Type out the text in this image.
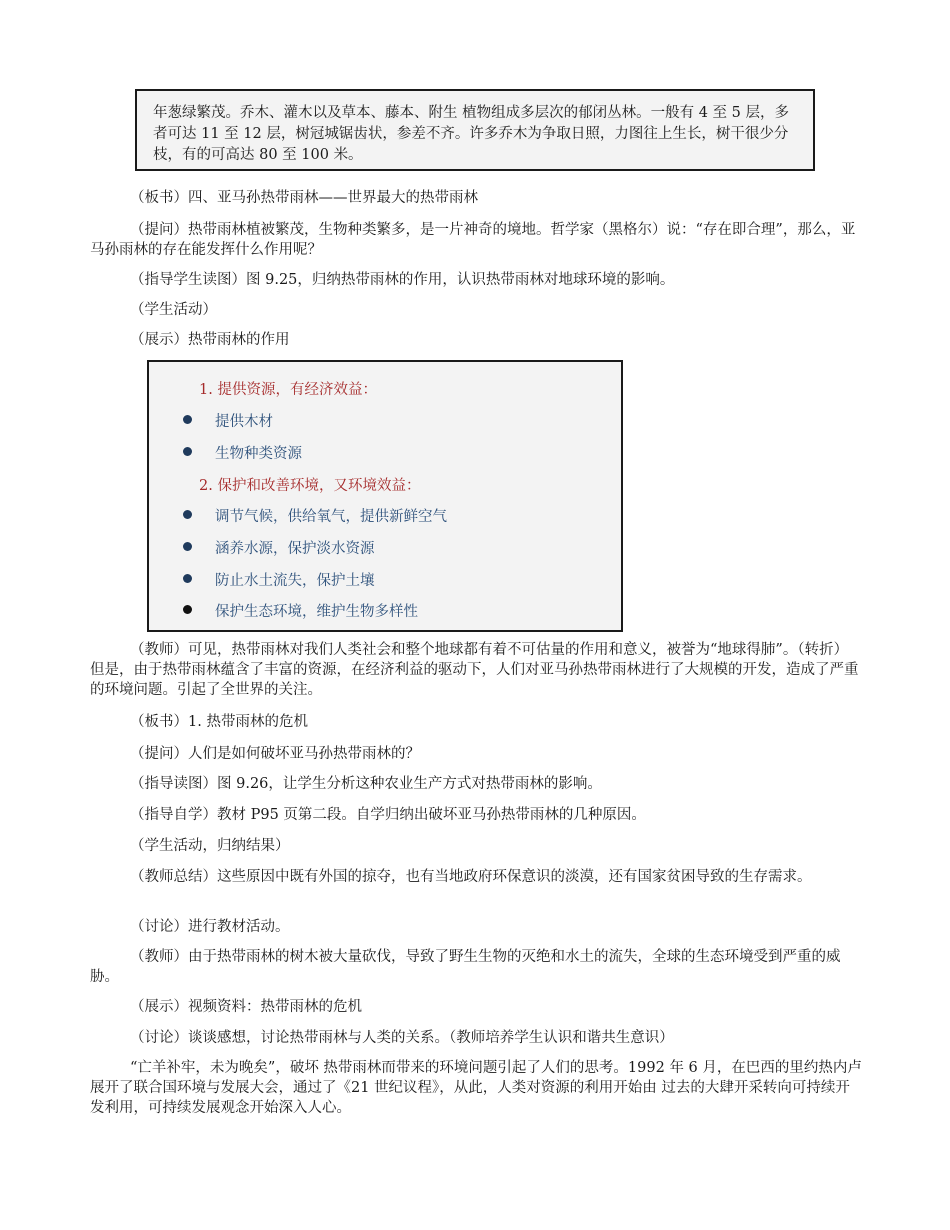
年葱绿繁茂。乔木、灌木以及草本、藤本、附生 植物组成多层次的郁闭丛林。一般有 4 至 5 层，多者可达 11 至 12 层，树冠城锯齿状，参差不齐。许多乔木为争取日照，力图往上生长，树干很少分枝，有的可高达 80 至 100 米。

（板书）四、亚马孙热带雨林——世界最大的热带雨林

（提问）热带雨林植被繁茂，生物种类繁多，是一片神奇的境地。哲学家（黑格尔）说：“存在即合理”，那么，亚马孙雨林的存在能发挥什么作用呢？

（指导学生读图）图 9.25，归纳热带雨林的作用，认识热带雨林对地球环境的影响。

（学生活动）

（展示）热带雨林的作用

1. 提供资源，有经济效益：
提供木材
生物种类资源
2. 保护和改善环境，又环境效益：
调节气候，供给氧气，提供新鲜空气
涵养水源，保护淡水资源
防止水土流失，保护土壤
保护生态环境，维护生物多样性

（教师）可见，热带雨林对我们人类社会和整个地球都有着不可估量的作用和意义，被誉为“地球得肺”。（转折）但是，由于热带雨林蕴含了丰富的资源，在经济利益的驱动下，人们对亚马孙热带雨林进行了大规模的开发，造成了严重的环境问题。引起了全世界的关注。

（板书）1. 热带雨林的危机

（提问）人们是如何破坏亚马孙热带雨林的？

（指导读图）图 9.26，让学生分析这种农业生产方式对热带雨林的影响。

（指导自学）教材 P95 页第二段。自学归纳出破坏亚马孙热带雨林的几种原因。

（学生活动，归纳结果）

（教师总结）这些原因中既有外国的掠夺，也有当地政府环保意识的淡漠，还有国家贫困导致的生存需求。

（讨论）进行教材活动。

（教师）由于热带雨林的树木被大量砍伐，导致了野生生物的灭绝和水土的流失，全球的生态环境受到严重的威胁。

（展示）视频资料：热带雨林的危机

（讨论）谈谈感想，讨论热带雨林与人类的关系。（教师培养学生认识和谐共生意识）

“亡羊补牢，未为晚矣”，破坏 热带雨林而带来的环境问题引起了人们的思考。1992 年 6 月，在巴西的里约热内卢展开了联合国环境与发展大会，通过了《21 世纪议程》，从此，人类对资源的利用开始由 过去的大肆开采转向可持续开发利用，可持续发展观念开始深入人心。
